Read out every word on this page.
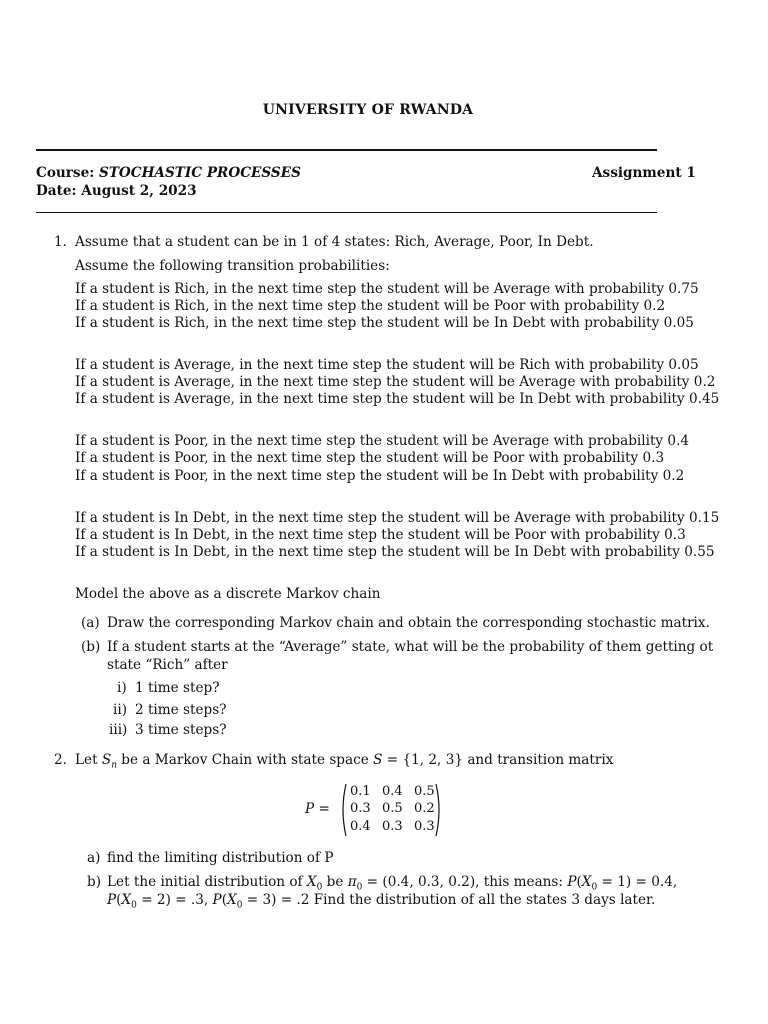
UNIVERSITY OF RWANDA
Course: STOCHASTIC PROCESSES	Assignment 1
Date: August 2, 2023
1. Assume that a student can be in 1 of 4 states: Rich, Average, Poor, In Debt.
Assume the following transition probabilities:
If a student is Rich, in the next time step the student will be Average with probability 0.75
If a student is Rich, in the next time step the student will be Poor with probability 0.2
If a student is Rich, in the next time step the student will be In Debt with probability 0.05
If a student is Average, in the next time step the student will be Rich with probability 0.05
If a student is Average, in the next time step the student will be Average with probability 0.2
If a student is Average, in the next time step the student will be In Debt with probability 0.45
If a student is Poor, in the next time step the student will be Average with probability 0.4
If a student is Poor, in the next time step the student will be Poor with probability 0.3
If a student is Poor, in the next time step the student will be In Debt with probability 0.2
If a student is In Debt, in the next time step the student will be Average with probability 0.15
If a student is In Debt, in the next time step the student will be Poor with probability 0.3
If a student is In Debt, in the next time step the student will be In Debt with probability 0.55
Model the above as a discrete Markov chain
(a) Draw the corresponding Markov chain and obtain the corresponding stochastic matrix.
(b) If a student starts at the “Average” state, what will be the probability of them getting ot
state “Rich” after
i) 1 time step?
ii) 2 time steps?
iii) 3 time steps?
2. Let $S_n$ be a Markov Chain with state space S = {1, 2, 3} and transition matrix
P =
0.1 0.4 0.5
0.3 0.5 0.2
0.4 0.3 0.3
a) find the limiting distribution of P
b) Let the initial distribution of $X_0$ be $\pi_0 = (0.4$, 0.3, 0.2), this means: $P(X_0 = 1) = 0.4$,
$P(X_0 = 2) = .3$, $P(X_0 = 3) = .2$ Find the distribution of all the states 3 days later.
